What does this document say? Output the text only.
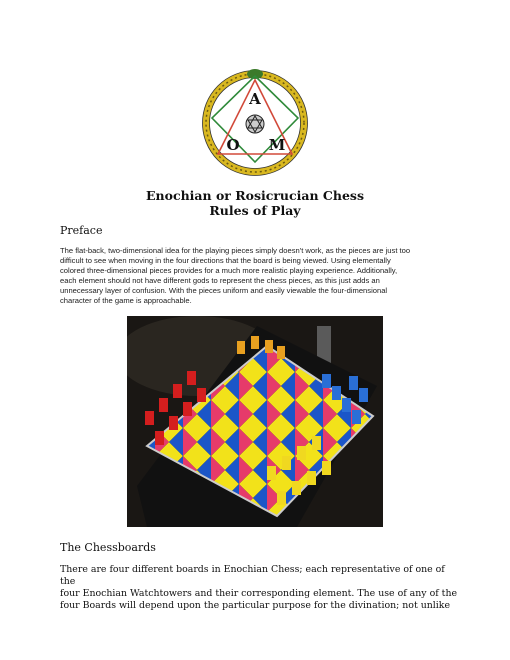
A
O M
Enochian or Rosicrucian Chess
Rules of Play
Preface
The flat-back, two-dimensional idea for the playing pieces simply doesn't work, as the pieces are just too
difficult to see when moving in the four directions that the board is being viewed. Using elementally
colored three-dimensional pieces provides for a much more realistic playing experience. Additionally,
each element should not have different gods to represent the chess pieces, as this just adds an
unnecessary layer of confusion. With the pieces uniform and easily viewable the four-dimensional
character of the game is approachable.
The Chessboards
There are four different boards in Enochian Chess; each representative of one of the
four Enochian Watchtowers and their corresponding element. The use of any of the
four Boards will depend upon the particular purpose for the divination; not unlike
